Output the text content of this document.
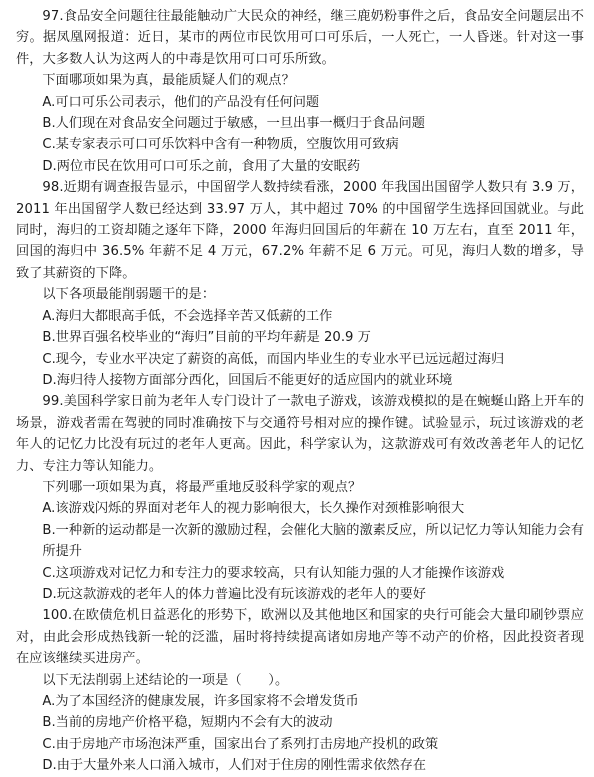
97.食品安全问题往往最能触动广大民众的神经，继三鹿奶粉事件之后，食品安全问题层出不穷。据凤凰网报道：近日，某市的两位市民饮用可口可乐后，一人死亡，一人昏迷。针对这一事件，大多数人认为这两人的中毒是饮用可口可乐所致。

下面哪项如果为真，最能质疑人们的观点？

A.可口可乐公司表示，他们的产品没有任何问题

B.人们现在对食品安全问题过于敏感，一旦出事一概归于食品问题

C.某专家表示可口可乐饮料中含有一种物质，空腹饮用可致病

D.两位市民在饮用可口可乐之前，食用了大量的安眠药

98.近期有调查报告显示，中国留学人数持续看涨，2000 年我国出国留学人数只有 3.9 万，2011 年出国留学人数已经达到 33.97 万人，其中超过 70% 的中国留学生选择回国就业。与此同时，海归的工资却随之逐年下降，2000 年海归回国后的年薪在 10 万左右，直至 2011 年，回国的海归中 36.5% 年薪不足 4 万元，67.2% 年薪不足 6 万元。可见，海归人数的增多，导致了其薪资的下降。

以下各项最能削弱题干的是：

A.海归大都眼高手低，不会选择辛苦又低薪的工作

B.世界百强名校毕业的“海归”目前的平均年薪是 20.9 万

C.现今，专业水平决定了薪资的高低，而国内毕业生的专业水平已远远超过海归

D.海归待人接物方面部分西化，回国后不能更好的适应国内的就业环境

99.美国科学家日前为老年人专门设计了一款电子游戏，该游戏模拟的是在蜿蜒山路上开车的场景，游戏者需在驾驶的同时准确按下与交通符号相对应的操作键。试验显示，玩过该游戏的老年人的记忆力比没有玩过的老年人更高。因此，科学家认为，这款游戏可有效改善老年人的记忆力、专注力等认知能力。

下列哪一项如果为真，将最严重地反驳科学家的观点？

A.该游戏闪烁的界面对老年人的视力影响很大，长久操作对颈椎影响很大

B.一种新的运动都是一次新的激励过程，会催化大脑的激素反应，所以记忆力等认知能力会有所提升

C.这项游戏对记忆力和专注力的要求较高，只有认知能力强的人才能操作该游戏

D.玩这款游戏的老年人的体力普遍比没有玩该游戏的老年人的要好

100.在欧债危机日益恶化的形势下，欧洲以及其他地区和国家的央行可能会大量印刷钞票应对，由此会形成热钱新一轮的泛滥，届时将持续提高诸如房地产等不动产的价格，因此投资者现在应该继续买进房产。

以下无法削弱上述结论的一项是（　　）。

A.为了本国经济的健康发展，许多国家将不会增发货币

B.当前的房地产价格平稳，短期内不会有大的波动

C.由于房地产市场泡沫严重，国家出台了系列打击房地产投机的政策

D.由于大量外来人口涌入城市，人们对于住房的刚性需求依然存在
